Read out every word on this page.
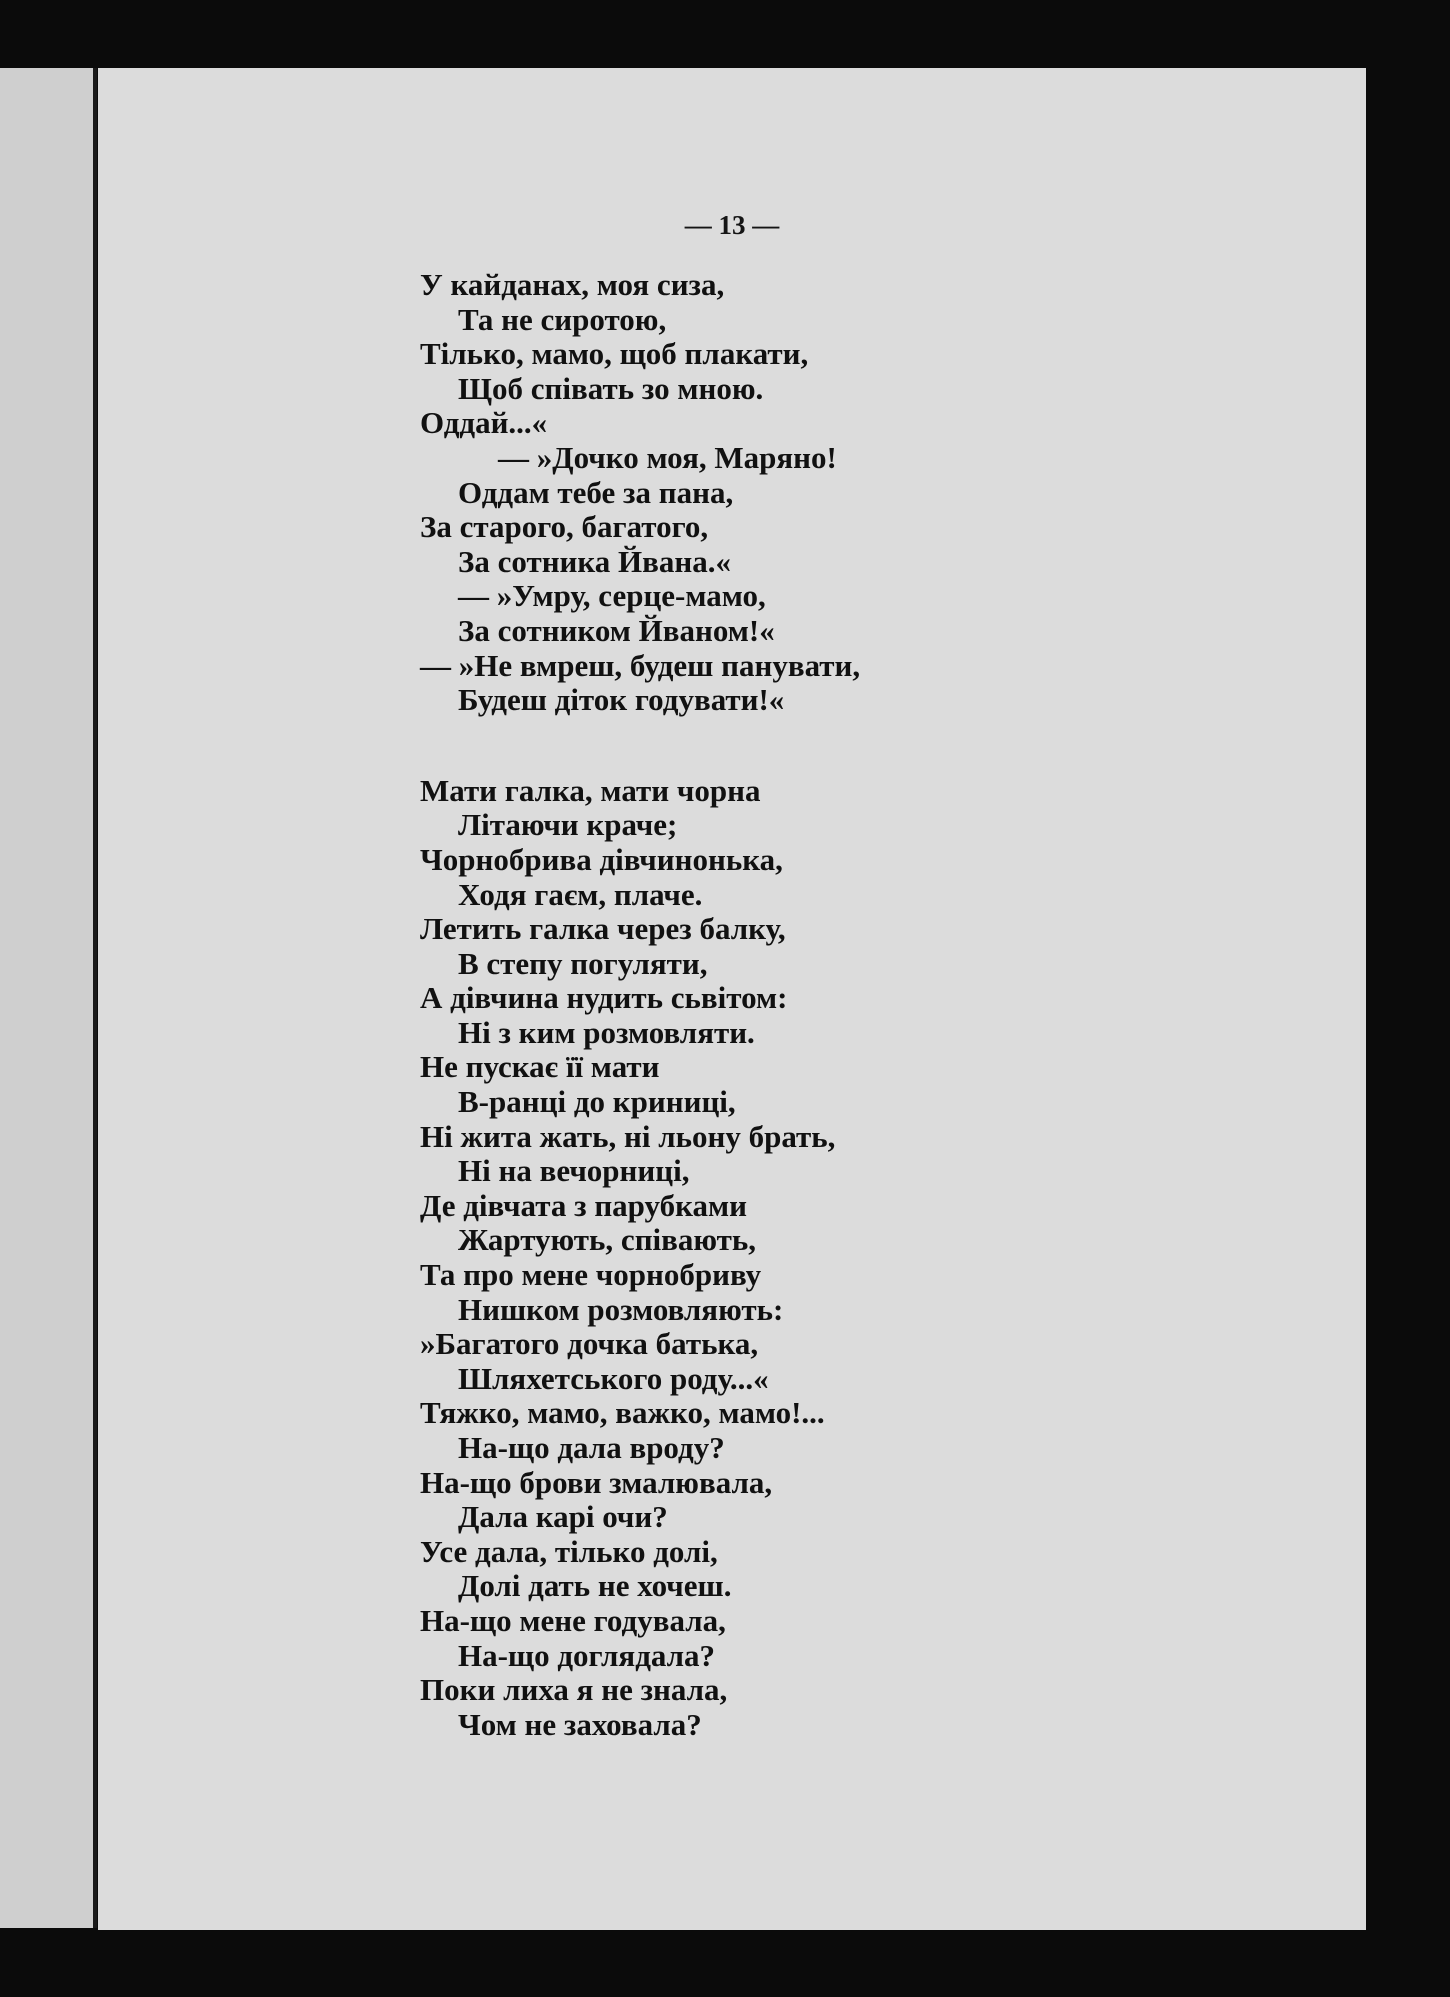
— 13 —
У кайданах, моя сиза,
Та не сиротою,
Тілько, мамо, щоб плакати,
Щоб співать зо мною.
Оддай...«
— »Дочко моя, Маряно!
Оддам тебе за пана,
За старого, багатого,
За сотника Йвана.«
— »Умру, серце-мамо,
За сотником Йваном!«
— »Не вмреш, будеш панувати,
Будеш діток годувати!«
Мати галка, мати чорна
Літаючи краче;
Чорнобрива дівчинонька,
Ходя гаєм, плаче.
Летить галка через балку,
В степу погуляти,
А дівчина нудить сьвітом:
Ні з ким розмовляти.
Не пускає її мати
В-ранці до криниці,
Ні жита жать, ні льону брать,
Ні на вечорниці,
Де дівчата з парубками
Жартують, співають,
Та про мене чорнобриву
Нишком розмовляють:
»Багатого дочка батька,
Шляхетського роду...«
Тяжко, мамо, важко, мамо!...
На-що дала вроду?
На-що брови змалювала,
Дала карі очи?
Усе дала, тілько долі,
Долі дать не хочеш.
На-що мене годувала,
На-що доглядала?
Поки лиха я не знала,
Чом не заховала?
